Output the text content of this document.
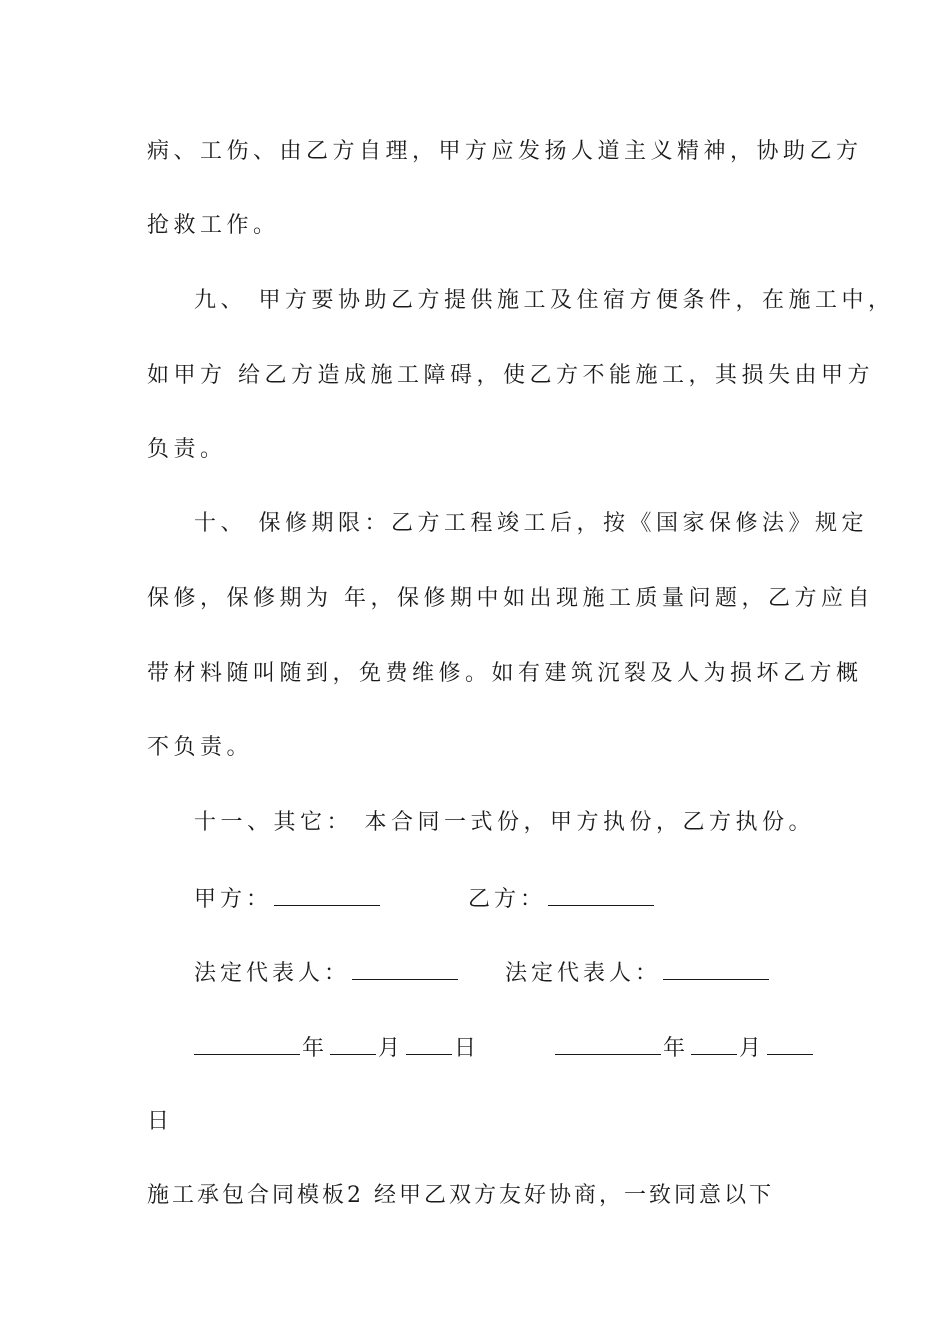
病、工伤、由乙方自理，甲方应发扬人道主义精神，协助乙方
抢救工作。
九、 甲方要协助乙方提供施工及住宿方便条件，在施工中，
如甲方 给乙方造成施工障碍，使乙方不能施工，其损失由甲方
负责。
十、 保修期限：乙方工程竣工后，按《国家保修法》规定
保修，保修期为 年，保修期中如出现施工质量问题，乙方应自
带材料随叫随到，免费维修。如有建筑沉裂及人为损坏乙方概
不负责。
十一、其它： 本合同一式份，甲方执份，乙方执份。
甲方：	乙方：
法定代表人：	法定代表人：
年 月 日	年 月
日
施工承包合同模板2 经甲乙双方友好协商，一致同意以下
